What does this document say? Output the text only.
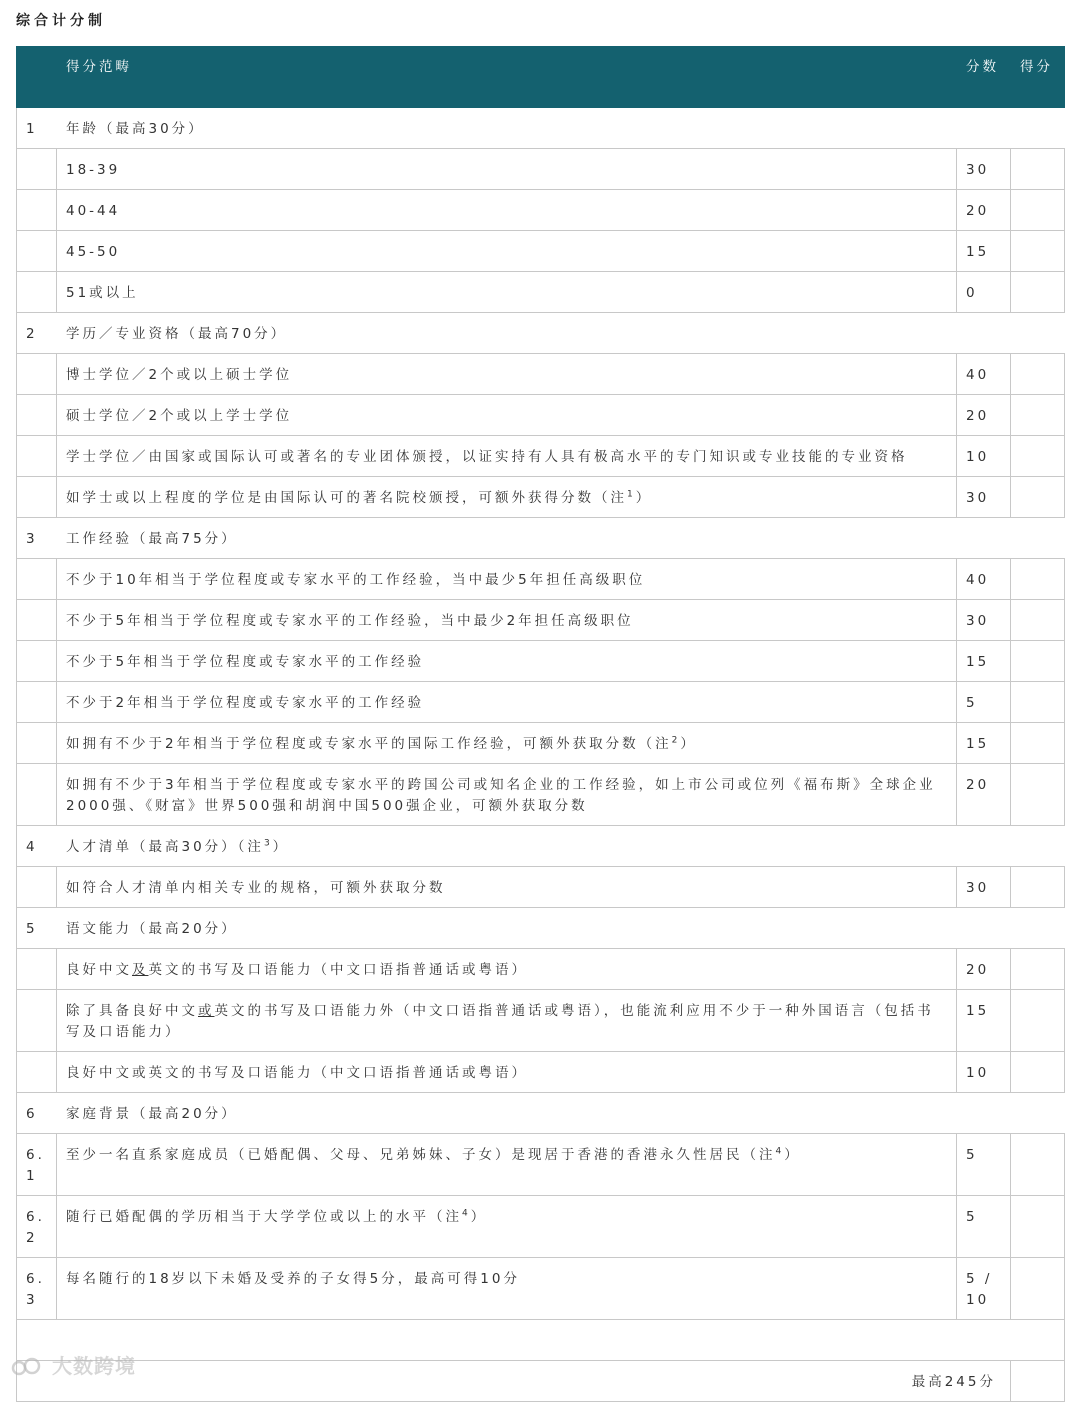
综合计分制
	得分范畴	分数	得分
1	年龄（最高30分）		
	18-39	30	
	40-44	20	
	45-50	15	
	51或以上	0	
2	学历／专业资格（最高70分）		
	博士学位／2个或以上硕士学位	40	
	硕士学位／2个或以上学士学位	20	
	学士学位／由国家或国际认可或著名的专业团体颁授，以证实持有人具有极高水平的专门知识或专业技能的专业资格	10	
	如学士或以上程度的学位是由国际认可的著名院校颁授，可额外获得分数（注$^1$）	30	
3	工作经验（最高75分）		
	不少于10年相当于学位程度或专家水平的工作经验，当中最少5年担任高级职位	40	
	不少于5年相当于学位程度或专家水平的工作经验，当中最少2年担任高级职位	30	
	不少于5年相当于学位程度或专家水平的工作经验	15	
	不少于2年相当于学位程度或专家水平的工作经验	5	
	如拥有不少于2年相当于学位程度或专家水平的国际工作经验，可额外获取分数（注$^2$）	15	
	如拥有不少于3年相当于学位程度或专家水平的跨国公司或知名企业的工作经验，如上市公司或位列《福布斯》全球企业2000强、《财富》世界500强和胡润中国500强企业，可额外获取分数	20	
4	人才清单（最高30分）（注$^3$）		
	如符合人才清单内相关专业的规格，可额外获取分数	30	
5	语文能力（最高20分）		
	良好中文及英文的书写及口语能力（中文口语指普通话或粤语）	20	
	除了具备良好中文或英文的书写及口语能力外（中文口语指普通话或粤语），也能流利应用不少于一种外国语言（包括书写及口语能力）	15	
	良好中文或英文的书写及口语能力（中文口语指普通话或粤语）	10	
6	家庭背景（最高20分）		
6.1	至少一名直系家庭成员（已婚配偶、父母、兄弟姊妹、子女）是现居于香港的香港永久性居民（注$^4$）	5	
6.2	随行已婚配偶的学历相当于大学学位或以上的水平（注$^4$）	5	
6.3	每名随行的18岁以下未婚及受养的子女得5分，最高可得10分	5 / 10	

最高245分			
大数跨境
